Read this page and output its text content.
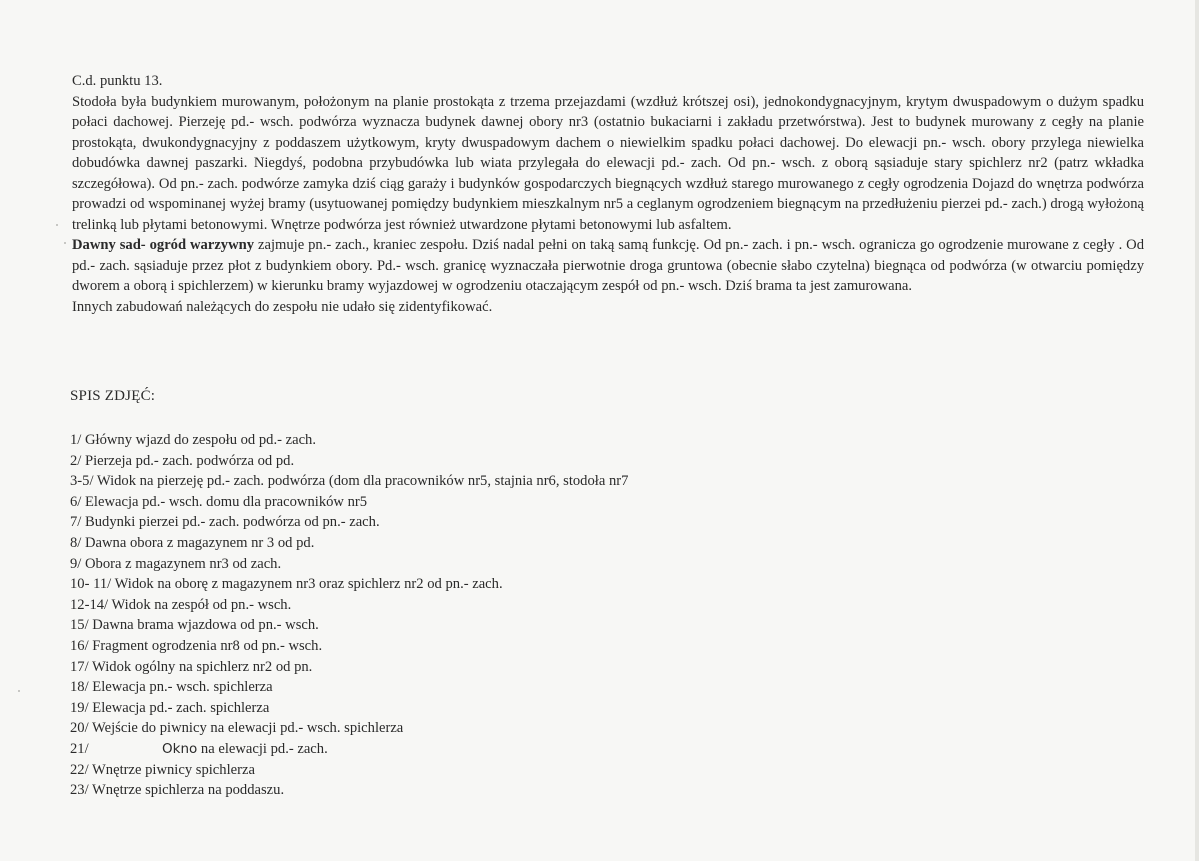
C.d. punktu 13.

Stodoła była budynkiem murowanym, położonym na planie prostokąta z trzema przejazdami (wzdłuż krótszej osi), jednokondygnacyjnym, krytym dwuspadowym o dużym spadku połaci dachowej. Pierzeję pd.- wsch. podwórza wyznacza budynek dawnej obory nr3 (ostatnio bukaciarni i zakładu przetwórstwa). Jest to budynek murowany z cegły na planie prostokąta, dwukondygnacyjny z poddaszem użytkowym, kryty dwuspadowym dachem o niewielkim spadku połaci dachowej. Do elewacji pn.- wsch. obory przylega niewielka dobudówka dawnej paszarki. Niegdyś, podobna przybudówka lub wiata przylegała do elewacji pd.- zach. Od pn.- wsch. z oborą sąsiaduje stary spichlerz nr2 (patrz wkładka szczegółowa). Od pn.- zach. podwórze zamyka dziś ciąg garaży i budynków gospodarczych biegnących wzdłuż starego murowanego z cegły ogrodzenia Dojazd do wnętrza podwórza prowadzi od wspominanej wyżej bramy (usytuowanej pomiędzy budynkiem mieszkalnym nr5 a ceglanym ogrodzeniem biegnącym na przedłużeniu pierzei pd.- zach.) drogą wyłożoną trelinką lub płytami betonowymi. Wnętrze podwórza jest również utwardzone płytami betonowymi lub asfaltem.

Dawny sad- ogród warzywny zajmuje pn.- zach., kraniec zespołu. Dziś nadal pełni on taką samą funkcję. Od pn.- zach. i pn.- wsch. ogranicza go ogrodzenie murowane z cegły . Od pd.- zach. sąsiaduje przez płot z budynkiem obory. Pd.- wsch. granicę wyznaczała pierwotnie droga gruntowa (obecnie słabo czytelna) biegnąca od podwórza (w otwarciu pomiędzy dworem a oborą i spichlerzem) w kierunku bramy wyjazdowej w ogrodzeniu otaczającym zespół od pn.- wsch. Dziś brama ta jest zamurowana.

Innych zabudowań należących do zespołu nie udało się zidentyfikować.

SPIS ZDJĘĆ:

1/ Główny wjazd do zespołu od pd.- zach.
2/ Pierzeja pd.- zach. podwórza od pd.
3-5/ Widok na pierzeję pd.- zach. podwórza (dom dla pracowników nr5, stajnia nr6, stodoła nr7
6/ Elewacja pd.- wsch. domu dla pracowników nr5
7/ Budynki pierzei pd.- zach. podwórza od pn.- zach.
8/ Dawna obora z magazynem nr 3 od pd.
9/ Obora z magazynem nr3 od zach.
10- 11/ Widok na oborę z magazynem nr3 oraz spichlerz nr2 od pn.- zach.
12-14/ Widok na zespół od pn.- wsch.
15/ Dawna brama wjazdowa od pn.- wsch.
16/ Fragment ogrodzenia nr8 od pn.- wsch.
17/ Widok ogólny na spichlerz nr2 od pn.
18/ Elewacja pn.- wsch. spichlerza
19/ Elewacja pd.- zach. spichlerza
20/ Wejście do piwnicy na elewacji pd.- wsch. spichlerza
21/	Okno na elewacji pd.- zach.
22/ Wnętrze piwnicy spichlerza
23/ Wnętrze spichlerza na poddaszu.
